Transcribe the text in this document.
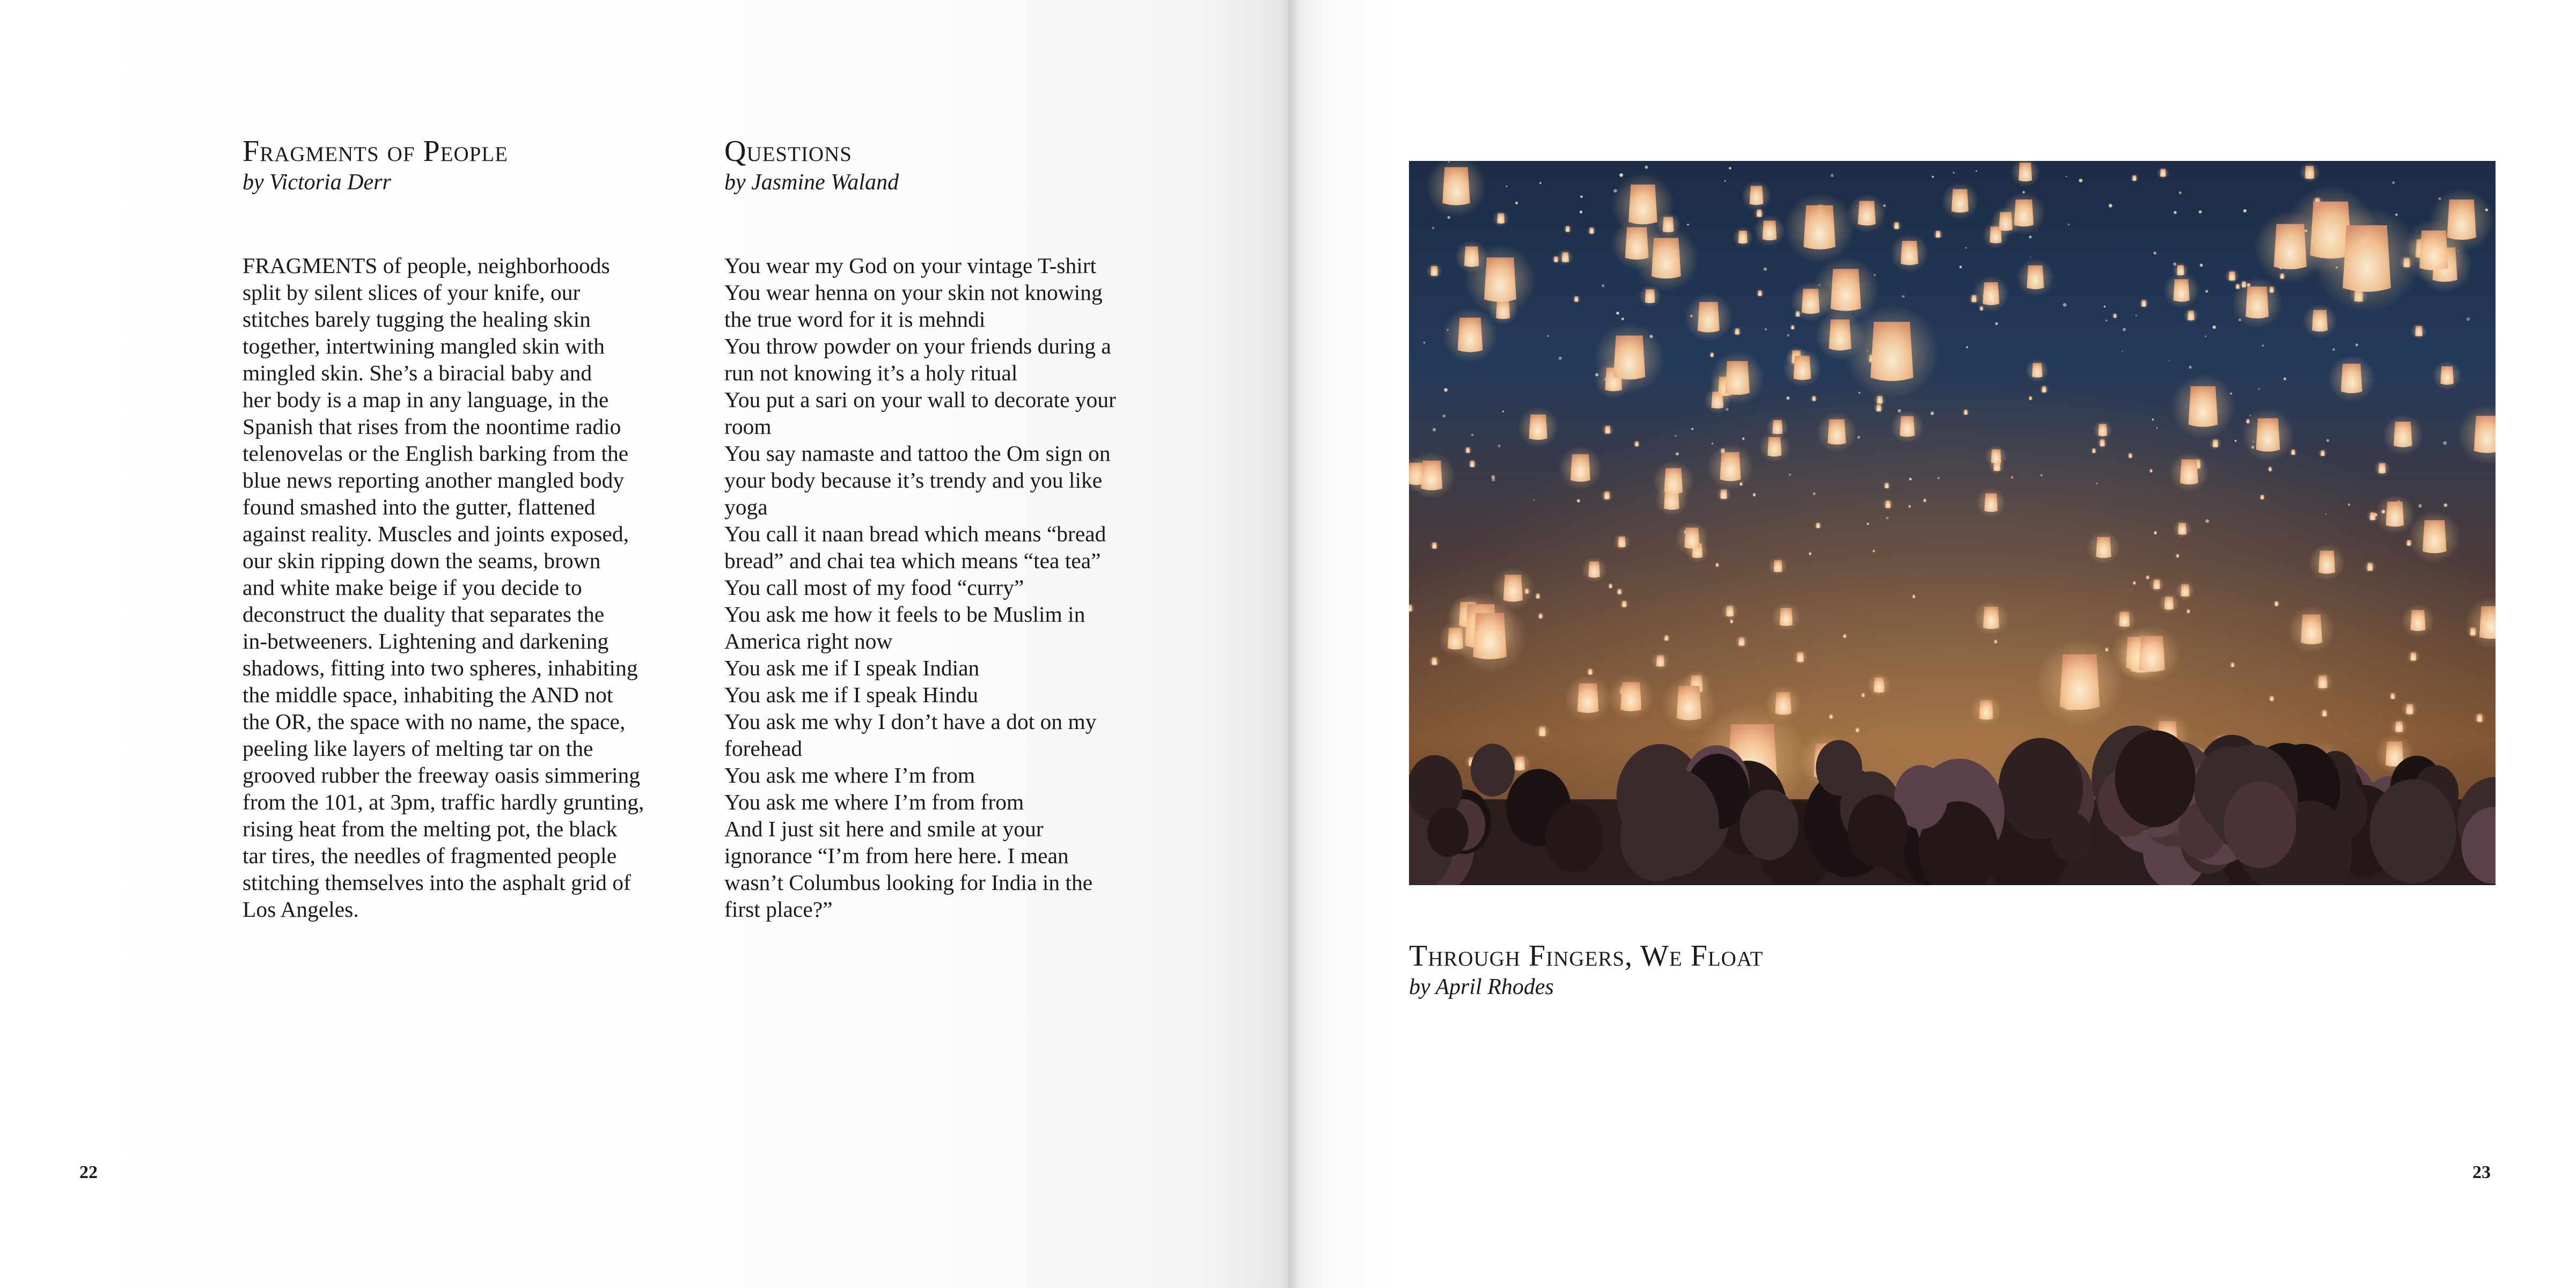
Fragments of People

by Victoria Derr

FRAGMENTS of people, neighborhoods
split by silent slices of your knife, our
stitches barely tugging the healing skin
together, intertwining mangled skin with
mingled skin. She’s a biracial baby and
her body is a map in any language, in the
Spanish that rises from the noontime radio
telenovelas or the English barking from the
blue news reporting another mangled body
found smashed into the gutter, flattened
against reality. Muscles and joints exposed,
our skin ripping down the seams, brown
and white make beige if you decide to
deconstruct the duality that separates the
in-betweeners. Lightening and darkening
shadows, fitting into two spheres, inhabiting
the middle space, inhabiting the AND not
the OR, the space with no name, the space,
peeling like layers of melting tar on the
grooved rubber the freeway oasis simmering
from the 101, at 3pm, traffic hardly grunting,
rising heat from the melting pot, the black
tar tires, the needles of fragmented people
stitching themselves into the asphalt grid of
Los Angeles.
Questions

by Jasmine Waland

You wear my God on your vintage T-shirt
You wear henna on your skin not knowing
the true word for it is mehndi
You throw powder on your friends during a
run not knowing it’s a holy ritual
You put a sari on your wall to decorate your
room
You say namaste and tattoo the Om sign on
your body because it’s trendy and you like
yoga
You call it naan bread which means “bread
bread” and chai tea which means “tea tea”
You call most of my food “curry”
You ask me how it feels to be Muslim in
America right now
You ask me if I speak Indian
You ask me if I speak Hindu
You ask me why I don’t have a dot on my
forehead
You ask me where I’m from
You ask me where I’m from from
And I just sit here and smile at your
ignorance “I’m from here here. I mean
wasn’t Columbus looking for India in the
first place?”
22
Through Fingers, We Float

by April Rhodes

23
